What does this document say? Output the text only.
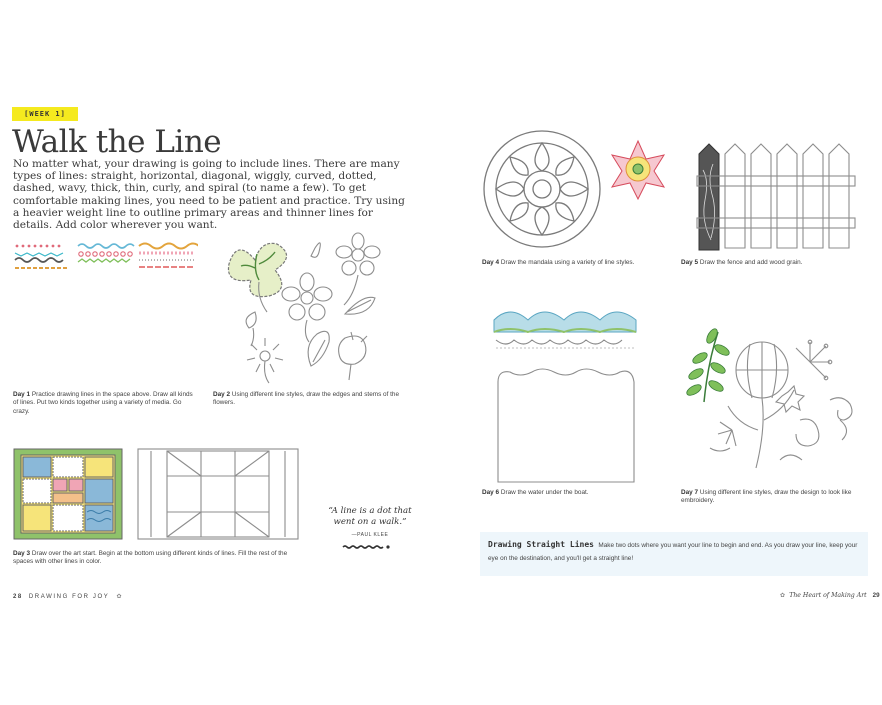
[WEEK 1]
Walk the Line
No matter what, your drawing is going to include lines. There are many types of lines: straight, horizontal, diagonal, wiggly, curved, dotted, dashed, wavy, thick, thin, curly, and spiral (to name a few). To get comfortable making lines, you need to be patient and practice. Try using a heavier weight line to outline primary areas and thinner lines for details. Add color wherever you want.
Day 1 Practice drawing lines in the space above. Draw all kinds of lines. Put two kinds together using a variety of media. Go crazy.
Day 2 Using different line styles, draw the edges and stems of the flowers.
“A line is a dot that went on a walk.”
—PAUL KLEE
Day 3 Draw over the art start. Begin at the bottom using different kinds of lines. Fill the rest of the spaces with other lines in color.
28 DRAWING FOR JOY ✿
Day 4 Draw the mandala using a variety of line styles.	Day 5 Draw the fence and add wood grain.
Day 6 Draw the water under the boat.	Day 7 Using different line styles, draw the design to look like embroidery.
Drawing Straight Lines Make two dots where you want your line to begin and end. As you draw your line, keep your eye on the destination, and you'll get a straight line!
✿ The Heart of Making Art 29
